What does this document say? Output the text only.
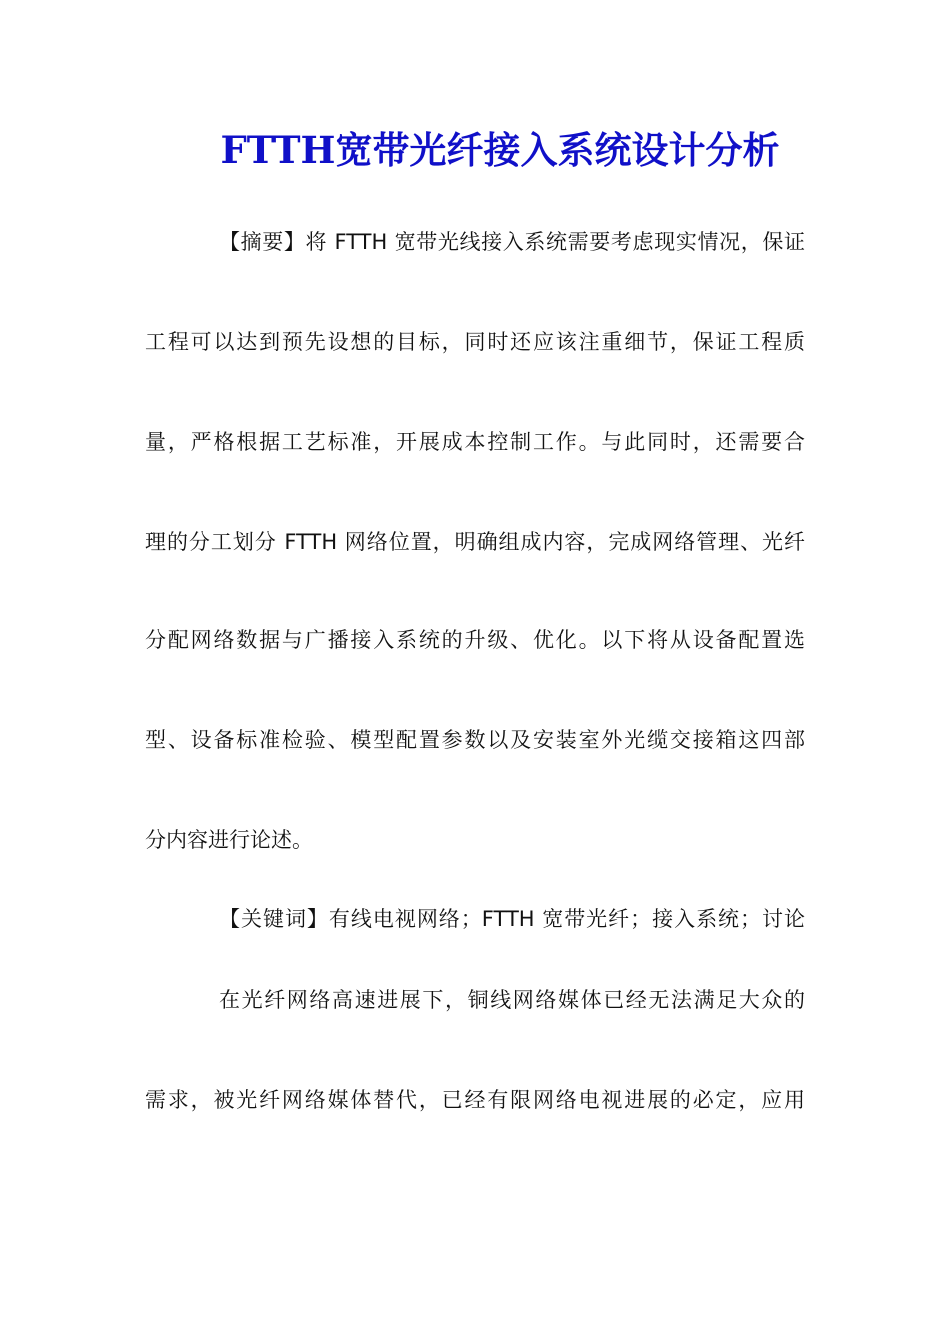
FTTH宽带光纤接入系统设计分析
【摘要】将 FTTH 宽带光线接入系统需要考虑现实情况，保证
工程可以达到预先设想的目标，同时还应该注重细节，保证工程质
量，严格根据工艺标准，开展成本控制工作。与此同时，还需要合
理的分工划分 FTTH 网络位置，明确组成内容，完成网络管理、光纤
分配网络数据与广播接入系统的升级、优化。以下将从设备配置选
型、设备标准检验、模型配置参数以及安装室外光缆交接箱这四部
分内容进行论述。
【关键词】有线电视网络；FTTH 宽带光纤；接入系统；讨论
在光纤网络高速进展下，铜线网络媒体已经无法满足大众的
需求，被光纤网络媒体替代，已经有限网络电视进展的必定，应用
